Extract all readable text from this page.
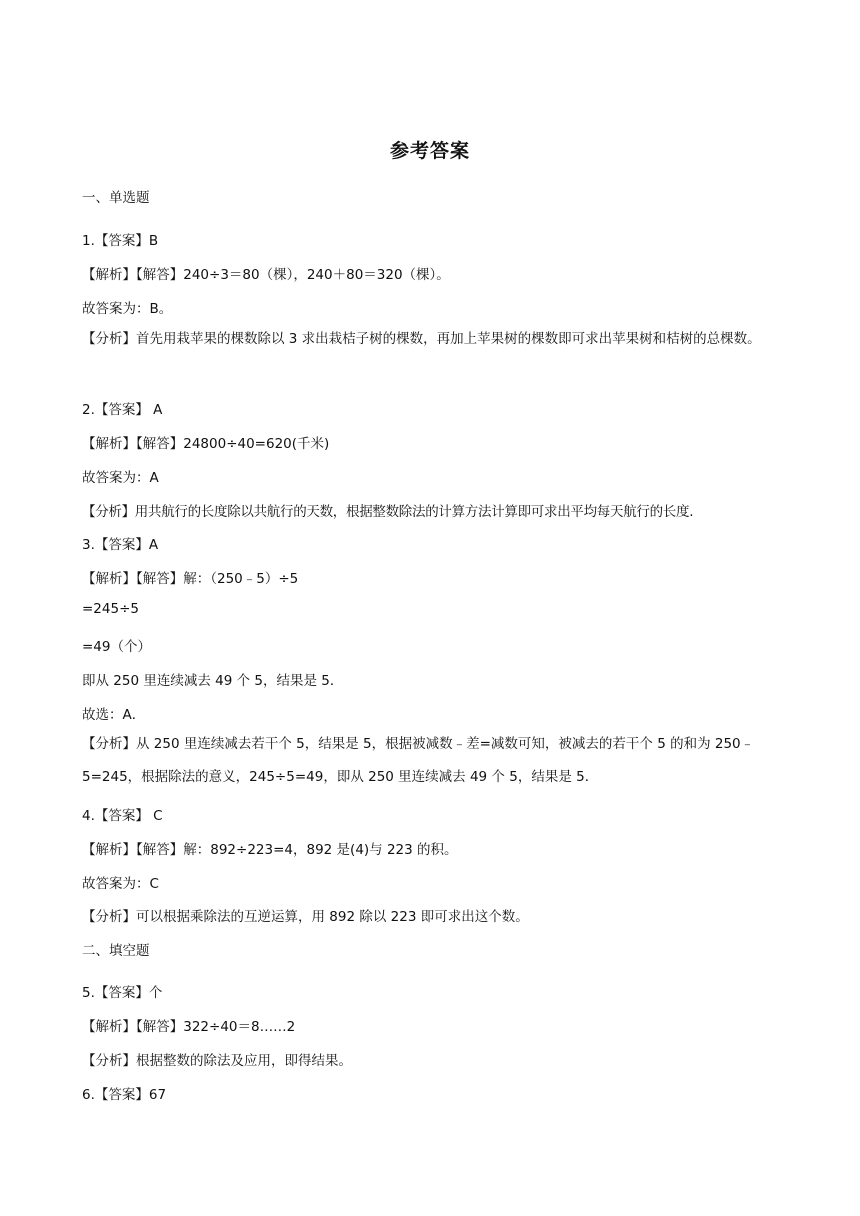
参考答案
一、单选题
1.【答案】B
【解析】【解答】240÷3＝80（棵），240＋80＝320（棵）。
故答案为：B。
【分析】首先用栽苹果的棵数除以 3 求出栽桔子树的棵数，再加上苹果树的棵数即可求出苹果树和桔树的总棵数。
2.【答案】 A
【解析】【解答】24800÷40=620(千米)
故答案为：A
【分析】用共航行的长度除以共航行的天数，根据整数除法的计算方法计算即可求出平均每天航行的长度.
3.【答案】A
【解析】【解答】解：（250﹣5）÷5
=245÷5
=49（个）
即从 250 里连续减去 49 个 5，结果是 5．
故选：A．
【分析】从 250 里连续减去若干个 5，结果是 5，根据被减数﹣差=减数可知，被减去的若干个 5 的和为 250﹣5=245，根据除法的意义，245÷5=49，即从 250 里连续减去 49 个 5，结果是 5．
4.【答案】 C
【解析】【解答】解：892÷223=4，892 是(4)与 223 的积。
故答案为：C
【分析】可以根据乘除法的互逆运算，用 892 除以 223 即可求出这个数。
二、填空题
5.【答案】个
【解析】【解答】322÷40＝8……2
【分析】根据整数的除法及应用，即得结果。
6.【答案】67
